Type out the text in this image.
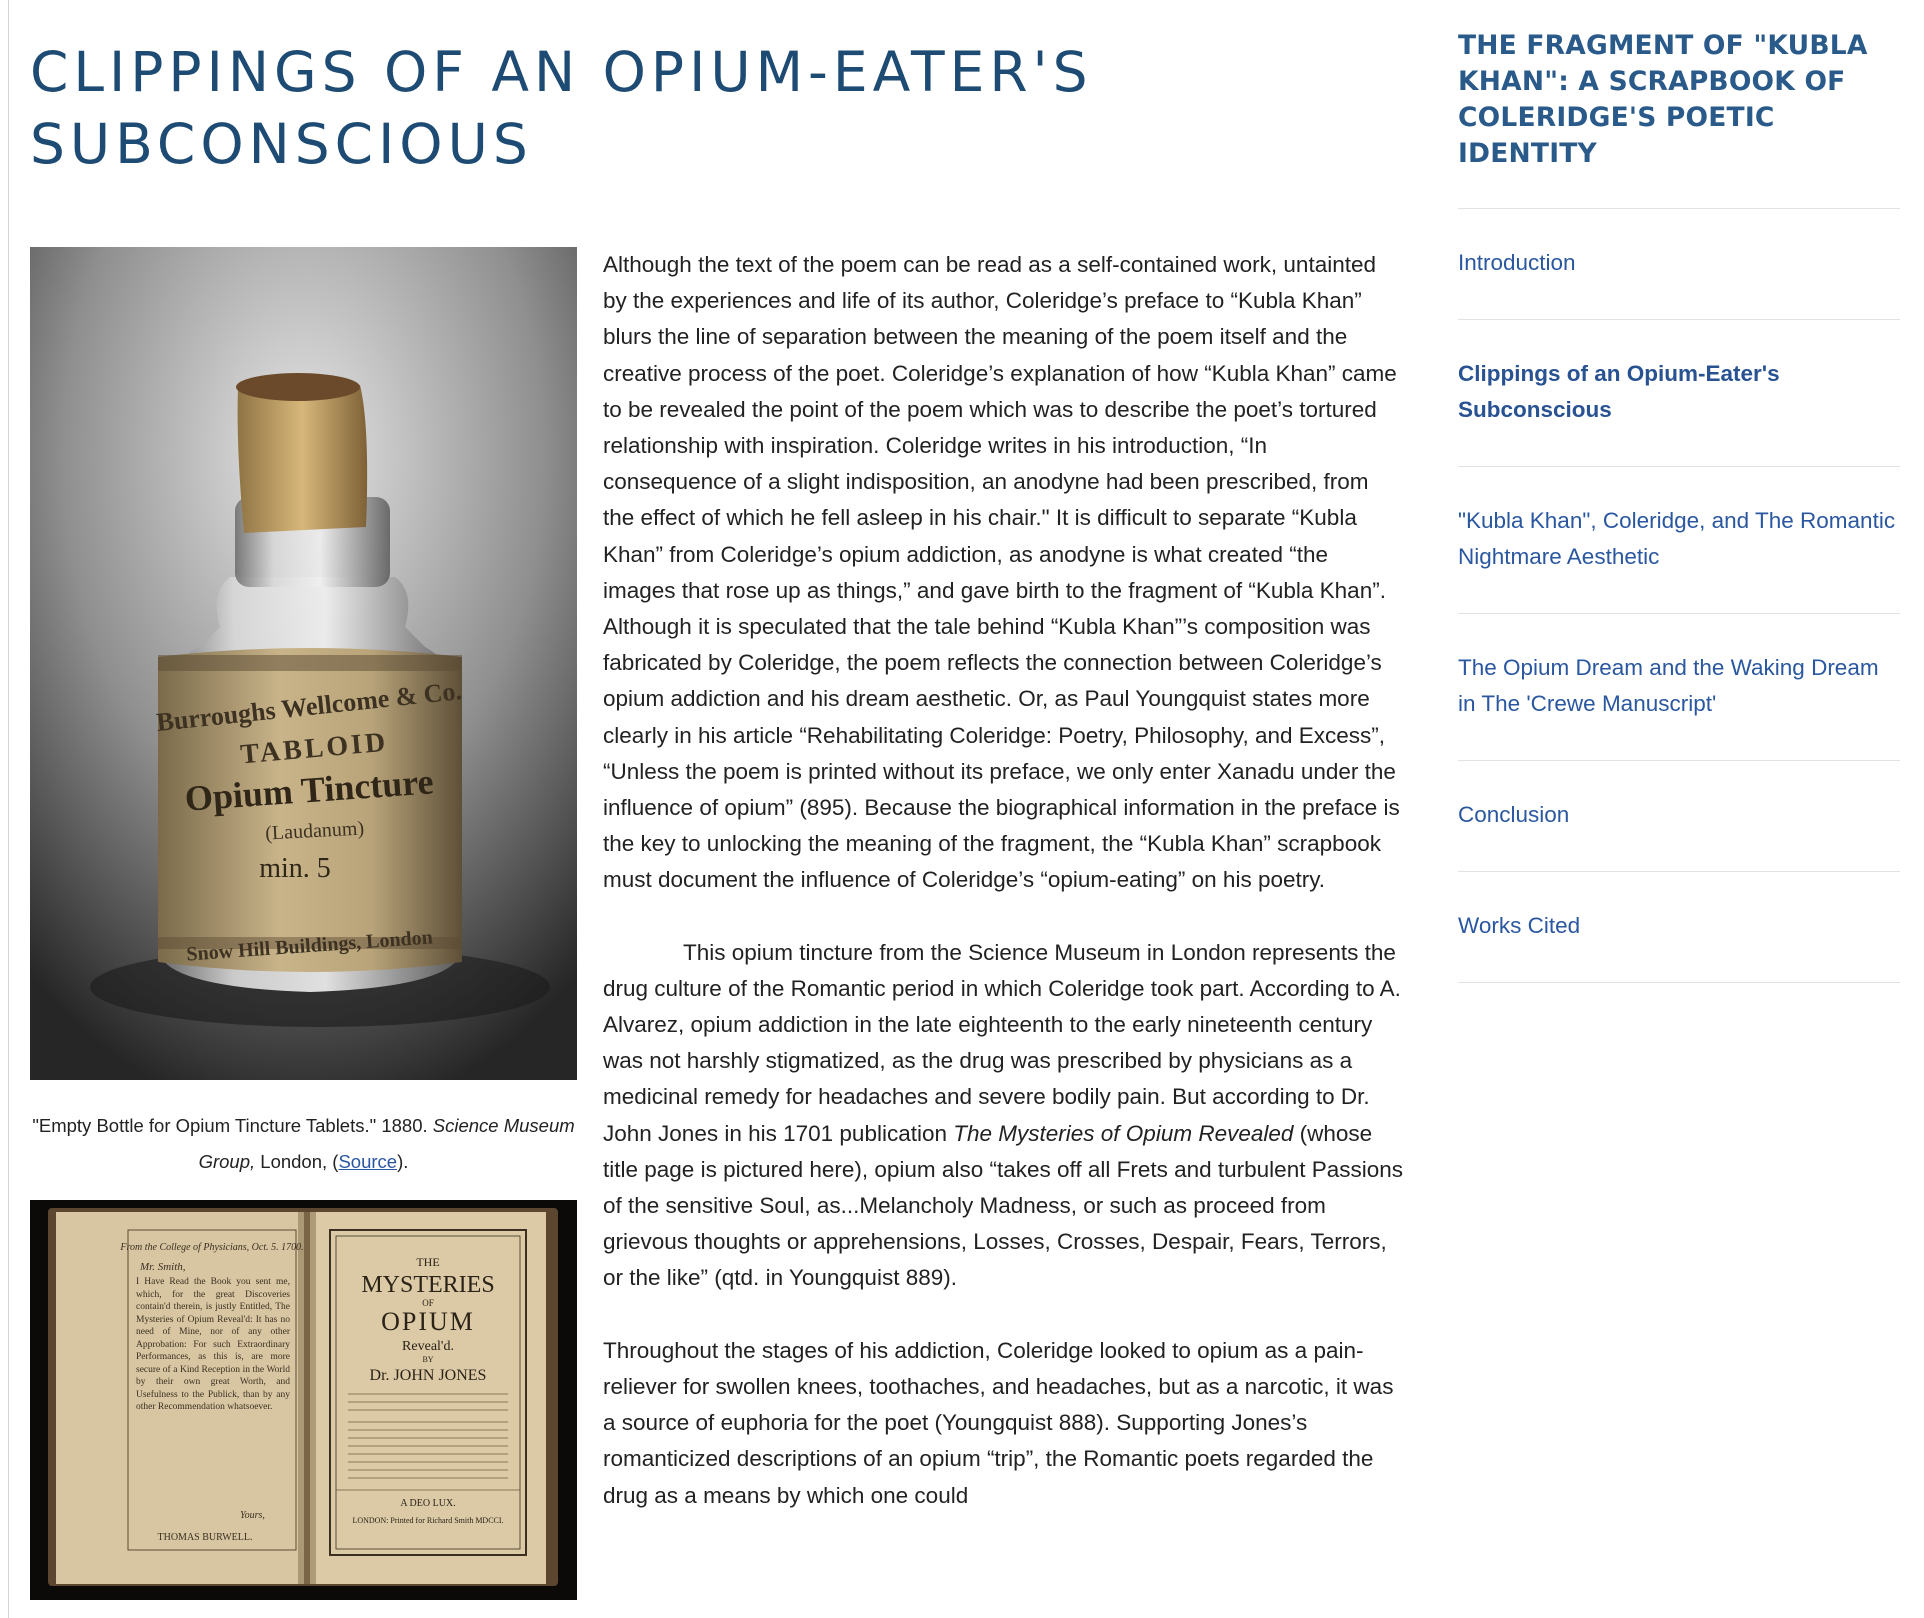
CLIPPINGS OF AN OPIUM-EATER'S SUBCONSCIOUS
Burroughs Wellcome & Co.
TABLOID
Opium Tincture
(Laudanum)
min. 5
Snow Hill Buildings, London
"Empty Bottle for Opium Tincture Tablets." 1880. Science Museum Group, London, (Source).
From the College of Physicians, Oct. 5. 1700.
Mr. Smith,
I Have Read the Book you sent me, which, for the great Discoveries contain'd therein, is justly Entitled, The Mysteries of Opium Reveal'd: It has no need of Mine, nor of any other Approbation: For such Extraordinary Performances, as this is, are more secure of a Kind Reception in the World by their own great Worth, and Usefulness to the Publick, than by any other Recommendation whatsoever.
Yours,
THOMAS BURWELL.
THE
MYSTERIES
OF
OPIUM
Reveal'd.
BY
Dr. JOHN JONES
A DEO LUX.
LONDON: Printed for Richard Smith MDCCI.

Although the text of the poem can be read as a self-contained work, untainted by the experiences and life of its author, Coleridge’s preface to “Kubla Khan” blurs the line of separation between the meaning of the poem itself and the creative process of the poet. Coleridge’s explanation of how “Kubla Khan” came to be revealed the point of the poem which was to describe the poet’s tortured relationship with inspiration. Coleridge writes in his introduction, “In consequence of a slight indisposition, an anodyne had been prescribed, from the effect of which he fell asleep in his chair." It is difficult to separate “Kubla Khan” from Coleridge’s opium addiction, as anodyne is what created “the images that rose up as things,” and gave birth to the fragment of “Kubla Khan”. Although it is speculated that the tale behind “Kubla Khan”’s composition was fabricated by Coleridge, the poem reflects the connection between Coleridge’s opium addiction and his dream aesthetic. Or, as Paul Youngquist states more clearly in his article “Rehabilitating Coleridge: Poetry, Philosophy, and Excess”, “Unless the poem is printed without its preface, we only enter Xanadu under the influence of opium” (895). Because the biographical information in the preface is the key to unlocking the meaning of the fragment, the “Kubla Khan” scrapbook must document the influence of Coleridge’s “opium-eating” on his poetry.

This opium tincture from the Science Museum in London represents the drug culture of the Romantic period in which Coleridge took part. According to A. Alvarez, opium addiction in the late eighteenth to the early nineteenth century was not harshly stigmatized, as the drug was prescribed by physicians as a medicinal remedy for headaches and severe bodily pain. But according to Dr. John Jones in his 1701 publication The Mysteries of Opium Revealed (whose title page is pictured here), opium also “takes off all Frets and turbulent Passions of the sensitive Soul, as...Melancholy Madness, or such as proceed from grievous thoughts or apprehensions, Losses, Crosses, Despair, Fears, Terrors, or the like” (qtd. in Youngquist 889).

Throughout the stages of his addiction, Coleridge looked to opium as a pain-reliever for swollen knees, toothaches, and headaches, but as a narcotic, it was a source of euphoria for the poet (Youngquist 888). Supporting Jones’s romanticized descriptions of an opium “trip”, the Romantic poets regarded the drug as a means by which one could

THE FRAGMENT OF "KUBLA KHAN": A SCRAPBOOK OF COLERIDGE'S POETIC IDENTITY
Introduction
Clippings of an Opium-Eater's Subconscious
"Kubla Khan", Coleridge, and The Romantic Nightmare Aesthetic
The Opium Dream and the Waking Dream in The 'Crewe Manuscript'
Conclusion
Works Cited
